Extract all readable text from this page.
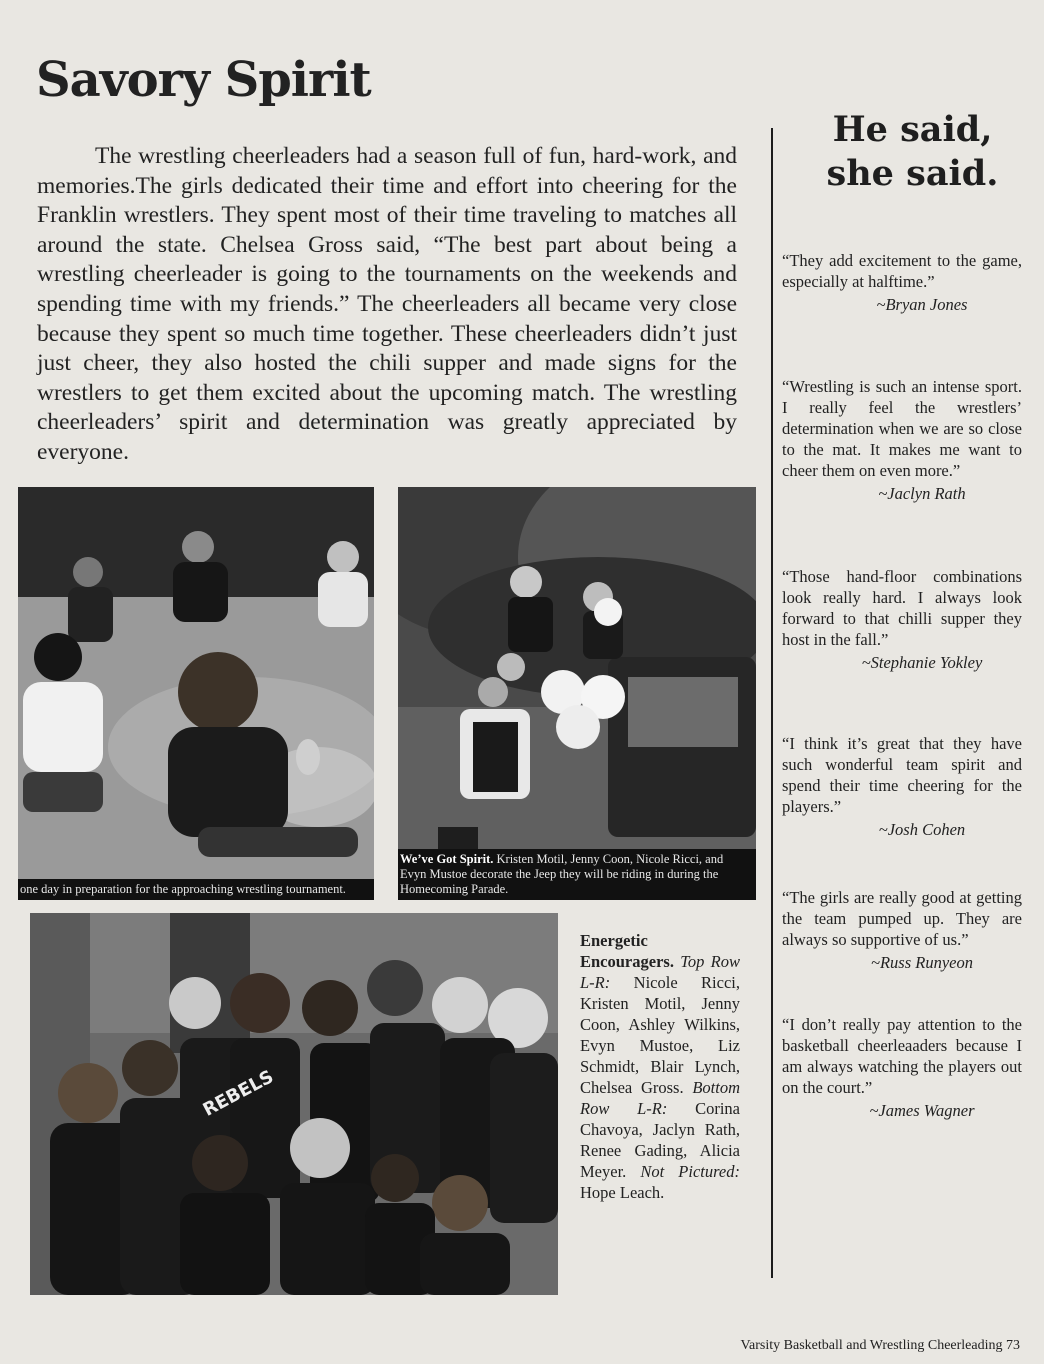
Savory Spirit

The wrestling cheerleaders had a season full of fun, hard-work, and memories.The girls dedicated their time and effort into cheering for the Franklin wrestlers. They spent most of their time traveling to matches all around the state. Chelsea Gross said, “The best part about being a wrestling cheerleader is going to the tournaments on the weekends and spending time with my friends.” The cheerleaders all became very close because they spent so much time together. These cheerleaders didn’t just just cheer, they also hosted the chili supper and made signs for the wrestlers to get them excited about the upcoming match. The wrestling cheerleaders’ spirit and determination was greatly appreciated by everyone.

He said,
she said.
“They add excitement to the game, especially at halftime.”
~Bryan Jones
“Wrestling is such an intense sport. I really feel the wrestlers’ determination when we are so close to the mat. It makes me want to cheer them on even more.”
~Jaclyn Rath
“Those hand-floor combinations look really hard. I always look forward to that chilli supper they host in the fall.”
~Stephanie Yokley
“I think it’s great that they have such wonderful team spirit and spend their time cheering for the players.”
~Josh Cohen
“The girls are really good at getting the team pumped up. They are always so supportive of us.”
~Russ Runyeon
“I don’t really pay attention to the basketball cheerleaaders because I am always watching the players out on the court.”
~James Wagner
one day in preparation for the approaching wrestling tournament.
We’ve Got Spirit. Kristen Motil, Jenny Coon, Nicole Ricci, and Evyn Mustoe decorate the Jeep they will be riding in during the Homecoming Parade.
REBELS
Energetic Encouragers. Top Row L-R: Nicole Ricci, Kristen Motil, Jenny Coon, Ashley Wilkins, Evyn Mustoe, Liz Schmidt, Blair Lynch, Chelsea Gross. Bottom Row L-R: Corina Chavoya, Jaclyn Rath, Renee Gading, Alicia Meyer. Not Pictured: Hope Leach.
Varsity Basketball and Wrestling Cheerleading 73
